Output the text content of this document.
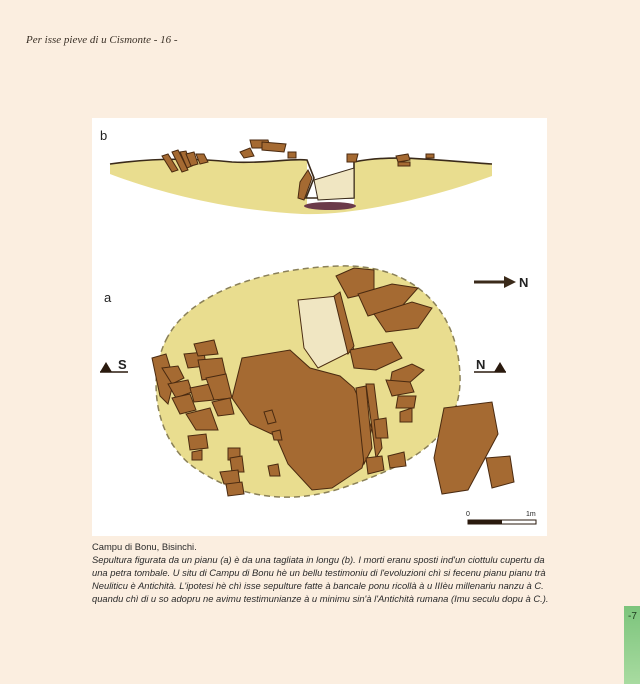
Per isse pieve di u Cismonte - 16 -
b
a
N
S	N
0	1m
Campu di Bonu, Bisinchi.
Sepultura figurata da un pianu (a) è da una tagliata in longu (b). I morti eranu sposti ind'un ciottulu cupertu da una petra tombale. U situ di Campu di Bonu hè un bellu testimoniu di l'evoluzioni chì si fecenu pianu pianu trà Neuliticu è Antichità. L'ipotesi hè chì isse sepulture fatte à bancale ponu ricollà à u IIIèu millenariu nanzu à C. quandu chì di u so adopru ne avimu testimunianze à u minimu sin'à l'Antichità rumana (Imu seculu dopu à C.).
-7
